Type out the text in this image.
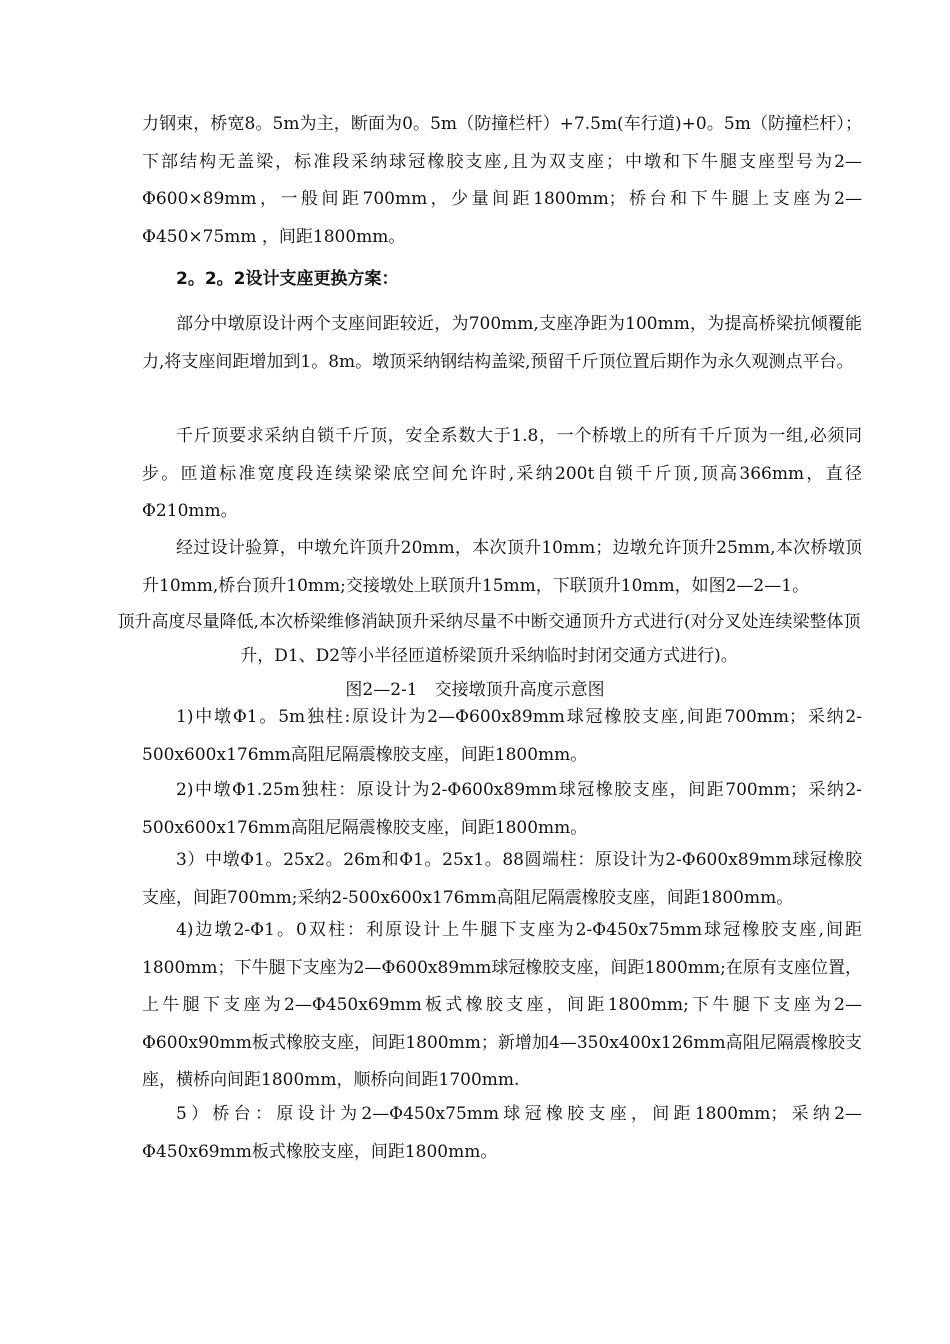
力钢束，桥宽8。5m为主，断面为0。5m（防撞栏杆）+7.5m(车行道)+0。5m（防撞栏杆）；下部结构无盖梁，标准段采纳球冠橡胶支座,且为双支座；中墩和下牛腿支座型号为2—Φ600×89mm，一般间距700mm，少量间距1800mm；桥台和下牛腿上支座为2—Φ450×75mm ，间距1800mm。

2。2。2设计支座更换方案：

部分中墩原设计两个支座间距较近，为700mm,支座净距为100mm，为提高桥梁抗倾覆能力,将支座间距增加到1。8m。墩顶采纳钢结构盖梁,预留千斤顶位置后期作为永久观测点平台。

千斤顶要求采纳自锁千斤顶，安全系数大于1.8，一个桥墩上的所有千斤顶为一组,必须同步。匝道标准宽度段连续梁梁底空间允许时,采纳200t自锁千斤顶,顶高366mm，直径Φ210mm。

经过设计验算，中墩允许顶升20mm，本次顶升10mm；边墩允许顶升25mm,本次桥墩顶升10mm,桥台顶升10mm;交接墩处上联顶升15mm，下联顶升10mm，如图2—2—1。

顶升高度尽量降低,本次桥梁维修消缺顶升采纳尽量不中断交通顶升方式进行(对分叉处连续梁整体顶升，D1、D2等小半径匝道桥梁顶升采纳临时封闭交通方式进行)。

图2—2-1　交接墩顶升高度示意图

1)中墩Φ1。5m独柱:原设计为2—Φ600x89mm球冠橡胶支座,间距700mm；采纳2-500x600x176mm高阻尼隔震橡胶支座，间距1800mm。

2)中墩Φ1.25m独柱：原设计为2-Φ600x89mm球冠橡胶支座，间距700mm；采纳2-500x600x176mm高阻尼隔震橡胶支座，间距1800mm。

3）中墩Φ1。25x2。26m和Φ1。25x1。88圆端柱：原设计为2-Φ600x89mm球冠橡胶支座，间距700mm;采纳2-500x600x176mm高阻尼隔震橡胶支座，间距1800mm。

4)边墩2-Φ1。0双柱：利原设计上牛腿下支座为2-Φ450x75mm球冠橡胶支座,间距1800mm；下牛腿下支座为2—Φ600x89mm球冠橡胶支座，间距1800mm;在原有支座位置，上牛腿下支座为2—Φ450x69mm板式橡胶支座，间距1800mm;下牛腿下支座为2—Φ600x90mm板式橡胶支座，间距1800mm；新增加4—350x400x126mm高阻尼隔震橡胶支座，横桥向间距1800mm，顺桥向间距1700mm.

5）桥台：原设计为2—Φ450x75mm球冠橡胶支座，间距1800mm；采纳2—Φ450x69mm板式橡胶支座，间距1800mm。
